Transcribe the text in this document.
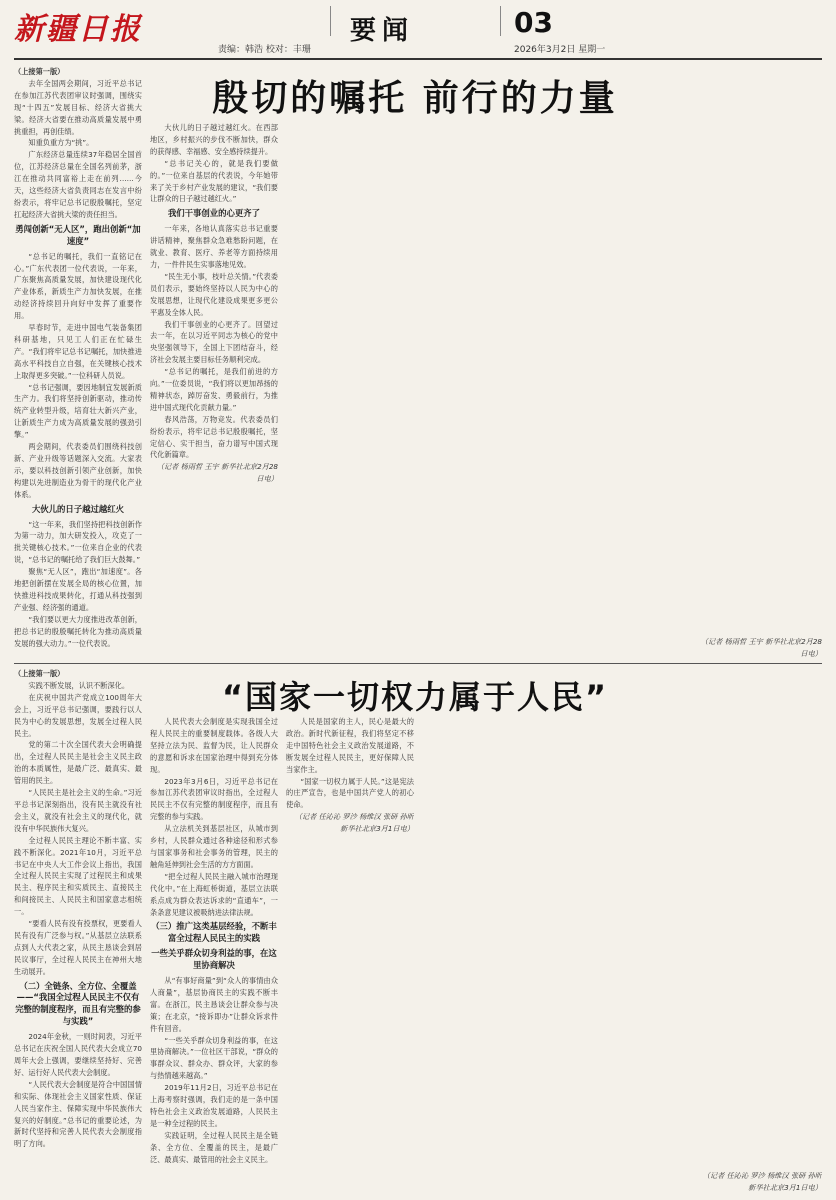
新疆日报	要闻	03
责编：韩浩 校对：丰珊	2026年3月2日 星期一
殷切的嘱托 前行的力量

（上接第一版）

去年全国两会期间，习近平总书记在参加江苏代表团审议时强调，围绕实现“十四五”发展目标、经济大省挑大梁。经济大省要在推动高质量发展中勇挑重担，再创佳绩。

知重负重方为“挑”。

广东经济总量连续37年稳居全国首位，江苏经济总量在全国名列前茅，浙江在推动共同富裕上走在前列……今天，这些经济大省负责同志在发言中纷纷表示，将牢记总书记殷殷嘱托，坚定扛起经济大省挑大梁的责任担当。

勇闯创新“无人区”，跑出创新“加速度”

“总书记的嘱托，我们一直铭记在心。”广东代表团一位代表说，一年来，广东聚焦高质量发展，加快建设现代化产业体系，新质生产力加快发展，在推动经济持续回升向好中发挥了重要作用。

早春时节，走进中国电气装备集团科研基地，只见工人们正在忙碌生产。“我们将牢记总书记嘱托，加快推进高水平科技自立自强，在关键核心技术上取得更多突破。”一位科研人员说。

“总书记强调，要因地制宜发展新质生产力。我们将坚持创新驱动，推动传统产业转型升级，培育壮大新兴产业，让新质生产力成为高质量发展的强劲引擎。”

两会期间，代表委员们围绕科技创新、产业升级等话题深入交流。大家表示，要以科技创新引领产业创新，加快构建以先进制造业为骨干的现代化产业体系。

大伙儿的日子越过越红火

“这一年来，我们坚持把科技创新作为第一动力，加大研发投入，攻克了一批关键核心技术。”一位来自企业的代表说，“总书记的嘱托给了我们巨大鼓舞。”

聚焦“无人区”，跑出“加速度”。各地把创新摆在发展全局的核心位置，加快推进科技成果转化，打通从科技强到产业强、经济强的通道。

“我们要以更大力度推进改革创新，把总书记的殷殷嘱托转化为推动高质量发展的强大动力。”一位代表说。

大伙儿的日子越过越红火。在西部地区，乡村振兴的步伐不断加快，群众的获得感、幸福感、安全感持续提升。

“总书记关心的，就是我们要做的。”一位来自基层的代表说，今年她带来了关于乡村产业发展的建议，“我们要让群众的日子越过越红火。”

我们干事创业的心更齐了

一年来，各地认真落实总书记重要讲话精神，聚焦群众急难愁盼问题，在就业、教育、医疗、养老等方面持续用力，一件件民生实事落地见效。

“民生无小事，枝叶总关情。”代表委员们表示，要始终坚持以人民为中心的发展思想，让现代化建设成果更多更公平惠及全体人民。

我们干事创业的心更齐了。回望过去一年，在以习近平同志为核心的党中央坚强领导下，全国上下团结奋斗，经济社会发展主要目标任务顺利完成。

“总书记的嘱托，是我们前进的方向。”一位委员说，“我们将以更加昂扬的精神状态，踔厉奋发、勇毅前行，为推进中国式现代化贡献力量。”

春风浩荡，万物竞发。代表委员们纷纷表示，将牢记总书记殷殷嘱托，坚定信心、实干担当，奋力谱写中国式现代化新篇章。

（记者 杨雨哲 王宇 新华社北京2月28日电）

（记者 杨雨哲 王宇 新华社北京2月28日电）

“国家一切权力属于人民”

（上接第一版）

实践不断发展，认识不断深化。

在庆祝中国共产党成立100周年大会上，习近平总书记强调，要践行以人民为中心的发展思想，发展全过程人民民主。

党的第二十次全国代表大会明确提出，全过程人民民主是社会主义民主政治的本质属性，是最广泛、最真实、最管用的民主。

“人民民主是社会主义的生命。”习近平总书记深刻指出，没有民主就没有社会主义，就没有社会主义的现代化，就没有中华民族伟大复兴。

全过程人民民主理论不断丰富、实践不断深化。2021年10月，习近平总书记在中央人大工作会议上指出，我国全过程人民民主实现了过程民主和成果民主、程序民主和实质民主、直接民主和间接民主、人民民主和国家意志相统一。

“要看人民有没有投票权，更要看人民有没有广泛参与权。”从基层立法联系点到人大代表之家，从民主恳谈会到居民议事厅，全过程人民民主在神州大地生动展开。

（二）全链条、全方位、全覆盖——“我国全过程人民民主不仅有完整的制度程序，而且有完整的参与实践”

2024年金秋，一则时间表，习近平总书记在庆祝全国人民代表大会成立70周年大会上强调，要继续坚持好、完善好、运行好人民代表大会制度。

“人民代表大会制度是符合中国国情和实际、体现社会主义国家性质、保证人民当家作主、保障实现中华民族伟大复兴的好制度。”总书记的重要论述，为新时代坚持和完善人民代表大会制度指明了方向。

人民代表大会制度是实现我国全过程人民民主的重要制度载体。各级人大坚持立法为民、监督为民，让人民群众的意愿和诉求在国家治理中得到充分体现。

2023年3月6日，习近平总书记在参加江苏代表团审议时指出，全过程人民民主不仅有完整的制度程序，而且有完整的参与实践。

从立法机关到基层社区，从城市到乡村，人民群众通过各种途径和形式参与国家事务和社会事务的管理，民主的触角延伸到社会生活的方方面面。

“把全过程人民民主融入城市治理现代化中。”在上海虹桥街道，基层立法联系点成为群众表达诉求的“直通车”，一条条意见建议被吸纳进法律法规。

（三）推广这类基层经验，不断丰富全过程人民民主的实践

一些关乎群众切身利益的事，在这里协商解决

从“有事好商量”到“众人的事情由众人商量”，基层协商民主的实践不断丰富。在浙江，民主恳谈会让群众参与决策；在北京，“接诉即办”让群众诉求件件有回音。

“一些关乎群众切身利益的事，在这里协商解决。”一位社区干部说，“群众的事群众议、群众办、群众评，大家的参与热情越来越高。”

2019年11月2日，习近平总书记在上海考察时强调，我们走的是一条中国特色社会主义政治发展道路，人民民主是一种全过程的民主。

实践证明，全过程人民民主是全链条、全方位、全覆盖的民主，是最广泛、最真实、最管用的社会主义民主。

人民是国家的主人，民心是最大的政治。新时代新征程，我们将坚定不移走中国特色社会主义政治发展道路，不断发展全过程人民民主，更好保障人民当家作主。

“国家一切权力属于人民。”这是宪法的庄严宣告，也是中国共产党人的初心使命。

（记者 任沁沁 罗沙 杨维汉 张研 孙昕 新华社北京3月1日电）

（记者 任沁沁 罗沙 杨维汉 张研 孙昕 新华社北京3月1日电）
